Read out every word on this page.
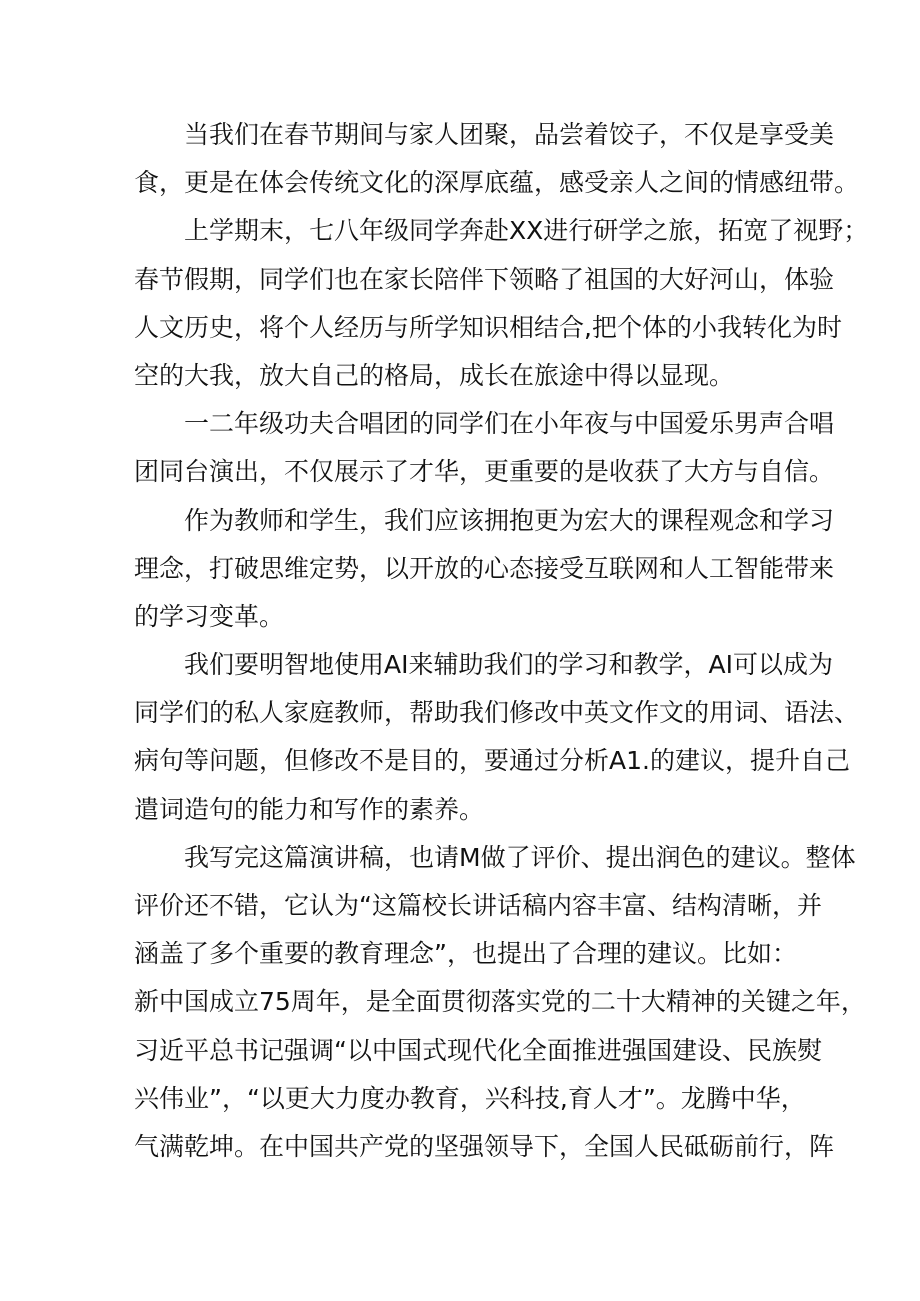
当我们在春节期间与家人团聚，品尝着饺子，不仅是享受美
食，更是在体会传统文化的深厚底蕴，感受亲人之间的情感纽带。
上学期末，七八年级同学奔赴XX进行研学之旅，拓宽了视野；
春节假期，同学们也在家长陪伴下领略了祖国的大好河山，体验
人文历史，将个人经历与所学知识相结合,把个体的小我转化为时
空的大我，放大自己的格局，成长在旅途中得以显现。
一二年级功夫合唱团的同学们在小年夜与中国爱乐男声合唱
团同台演出，不仅展示了才华，更重要的是收获了大方与自信。
作为教师和学生，我们应该拥抱更为宏大的课程观念和学习
理念，打破思维定势，以开放的心态接受互联网和人工智能带来
的学习变革。
我们要明智地使用AI来辅助我们的学习和教学，AI可以成为
同学们的私人家庭教师，帮助我们修改中英文作文的用词、语法、
病句等问题，但修改不是目的，要通过分析A1.的建议，提升自己
遣词造句的能力和写作的素养。
我写完这篇演讲稿，也请M做了评价、提出润色的建议。整体
评价还不错，它认为“这篇校长讲话稿内容丰富、结构清晰，并
涵盖了多个重要的教育理念”，也提出了合理的建议。比如：
新中国成立75周年，是全面贯彻落实党的二十大精神的关键之年，
习近平总书记强调“以中国式现代化全面推进强国建设、民族熨
兴伟业”，“以更大力度办教育，兴科技,育人才”。龙腾中华，
气满乾坤。在中国共产党的坚强领导下，全国人民砥砺前行，阵
